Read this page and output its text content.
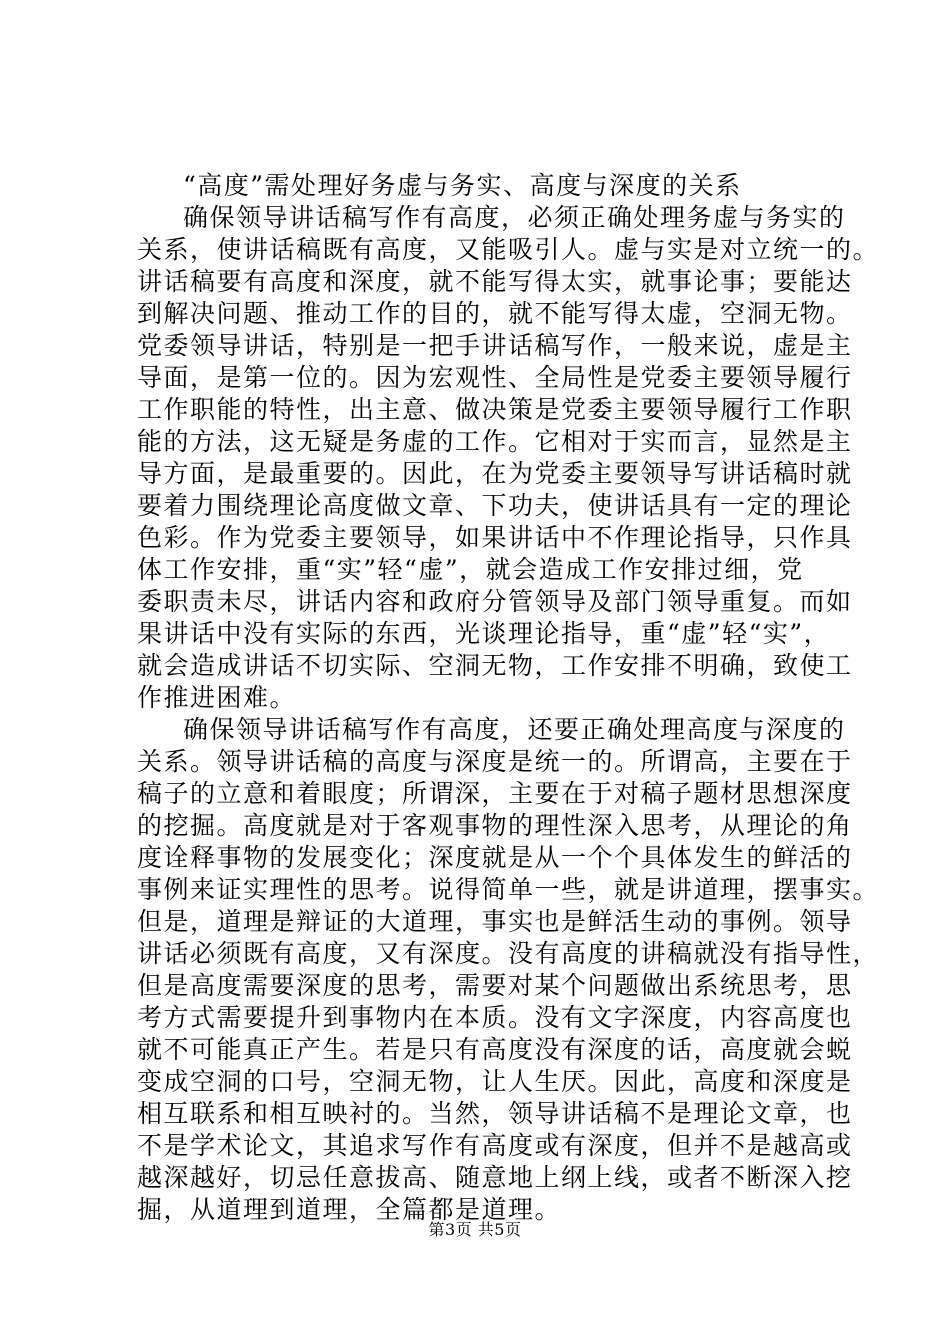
“高度”需处理好务虚与务实、高度与深度的关系
确保领导讲话稿写作有高度，必须正确处理务虚与务实的
关系，使讲话稿既有高度，又能吸引人。虚与实是对立统一的。
讲话稿要有高度和深度，就不能写得太实，就事论事；要能达
到解决问题、推动工作的目的，就不能写得太虚，空洞无物。
党委领导讲话，特别是一把手讲话稿写作，一般来说，虚是主
导面，是第一位的。因为宏观性、全局性是党委主要领导履行
工作职能的特性，出主意、做决策是党委主要领导履行工作职
能的方法，这无疑是务虚的工作。它相对于实而言，显然是主
导方面，是最重要的。因此，在为党委主要领导写讲话稿时就
要着力围绕理论高度做文章、下功夫，使讲话具有一定的理论
色彩。作为党委主要领导，如果讲话中不作理论指导，只作具
体工作安排，重“实”轻“虚”，就会造成工作安排过细，党
委职责未尽，讲话内容和政府分管领导及部门领导重复。而如
果讲话中没有实际的东西，光谈理论指导，重“虚”轻“实”，
就会造成讲话不切实际、空洞无物，工作安排不明确，致使工
作推进困难。
确保领导讲话稿写作有高度，还要正确处理高度与深度的
关系。领导讲话稿的高度与深度是统一的。所谓高，主要在于
稿子的立意和着眼度；所谓深，主要在于对稿子题材思想深度
的挖掘。高度就是对于客观事物的理性深入思考，从理论的角
度诠释事物的发展变化；深度就是从一个个具体发生的鲜活的
事例来证实理性的思考。说得简单一些，就是讲道理，摆事实。
但是，道理是辩证的大道理，事实也是鲜活生动的事例。领导
讲话必须既有高度，又有深度。没有高度的讲稿就没有指导性，
但是高度需要深度的思考，需要对某个问题做出系统思考，思
考方式需要提升到事物内在本质。没有文字深度，内容高度也
就不可能真正产生。若是只有高度没有深度的话，高度就会蜕
变成空洞的口号，空洞无物，让人生厌。因此，高度和深度是
相互联系和相互映衬的。当然，领导讲话稿不是理论文章，也
不是学术论文，其追求写作有高度或有深度，但并不是越高或
越深越好，切忌任意拔高、随意地上纲上线，或者不断深入挖
掘，从道理到道理，全篇都是道理。
第3页 共5页
